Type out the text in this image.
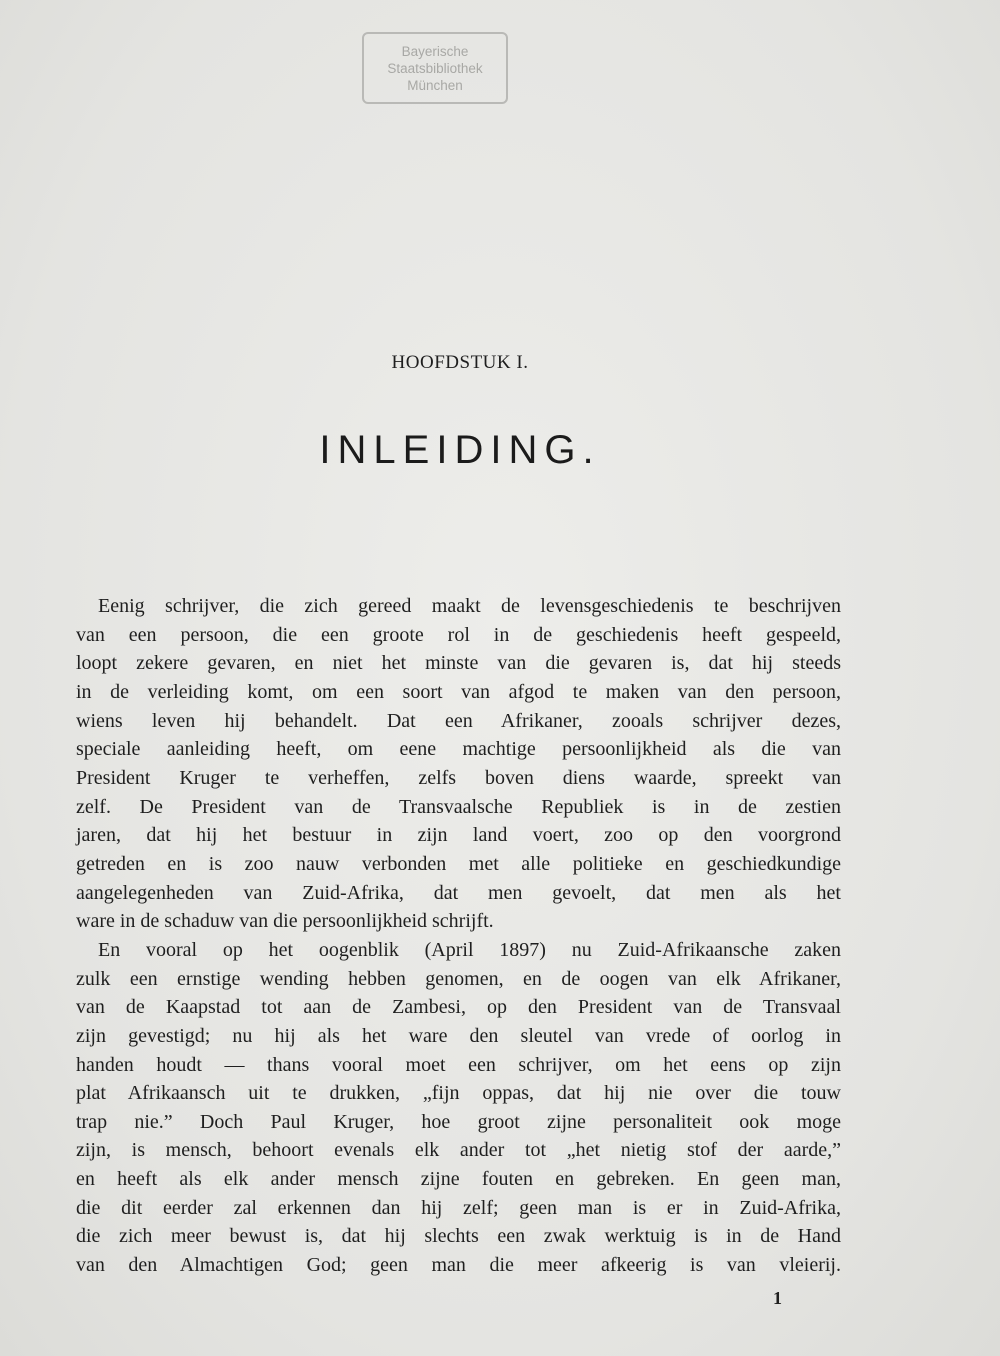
Bayerische
Staatsbibliothek
München
HOOFDSTUK I.
INLEIDING.
Eenig schrijver, die zich gereed maakt de levensgeschiedenis te beschrijven
van een persoon, die een groote rol in de geschiedenis heeft gespeeld,
loopt zekere gevaren, en niet het minste van die gevaren is, dat hij steeds
in de verleiding komt, om een soort van afgod te maken van den persoon,
wiens leven hij behandelt. Dat een Afrikaner, zooals schrijver dezes,
speciale aanleiding heeft, om eene machtige persoonlijkheid als die van
President Kruger te verheffen, zelfs boven diens waarde, spreekt van
zelf. De President van de Transvaalsche Republiek is in de zestien
jaren, dat hij het bestuur in zijn land voert, zoo op den voorgrond
getreden en is zoo nauw verbonden met alle politieke en geschiedkundige
aangelegenheden van Zuid-Afrika, dat men gevoelt, dat men als het
ware in de schaduw van die persoonlijkheid schrijft.
En vooral op het oogenblik (April 1897) nu Zuid-Afrikaansche zaken
zulk een ernstige wending hebben genomen, en de oogen van elk Afrikaner,
van de Kaapstad tot aan de Zambesi, op den President van de Transvaal
zijn gevestigd; nu hij als het ware den sleutel van vrede of oorlog in
handen houdt — thans vooral moet een schrijver, om het eens op zijn
plat Afrikaansch uit te drukken, „fijn oppas, dat hij nie over die touw
trap nie.” Doch Paul Kruger, hoe groot zijne personaliteit ook moge
zijn, is mensch, behoort evenals elk ander tot „het nietig stof der aarde,”
en heeft als elk ander mensch zijne fouten en gebreken. En geen man,
die dit eerder zal erkennen dan hij zelf; geen man is er in Zuid-Afrika,
die zich meer bewust is, dat hij slechts een zwak werktuig is in de Hand
van den Almachtigen God; geen man die meer afkeerig is van vleierij.
1
